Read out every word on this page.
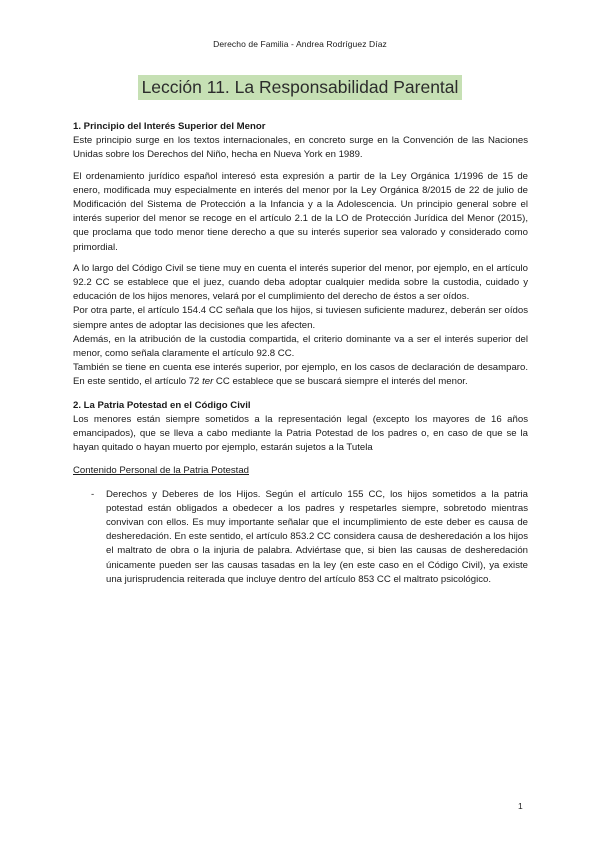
Derecho de Familia - Andrea Rodríguez Díaz
Lección 11. La Responsabilidad Parental

1. Principio del Interés Superior del Menor

Este principio surge en los textos internacionales, en concreto surge en la Convención de las Naciones Unidas sobre los Derechos del Niño, hecha en Nueva York en 1989.

El ordenamiento jurídico español interesó esta expresión a partir de la Ley Orgánica 1/1996 de 15 de enero, modificada muy especialmente en interés del menor por la Ley Orgánica 8/2015 de 22 de julio de Modificación del Sistema de Protección a la Infancia y a la Adolescencia. Un principio general sobre el interés superior del menor se recoge en el artículo 2.1 de la LO de Protección Jurídica del Menor (2015), que proclama que todo menor tiene derecho a que su interés superior sea valorado y considerado como primordial.

A lo largo del Código Civil se tiene muy en cuenta el interés superior del menor, por ejemplo, en el artículo 92.2 CC se establece que el juez, cuando deba adoptar cualquier medida sobre la custodia, cuidado y educación de los hijos menores, velará por el cumplimiento del derecho de éstos a ser oídos.

Por otra parte, el artículo 154.4 CC señala que los hijos, si tuviesen suficiente madurez, deberán ser oídos siempre antes de adoptar las decisiones que les afecten.

Además, en la atribución de la custodia compartida, el criterio dominante va a ser el interés superior del menor, como señala claramente el artículo 92.8 CC.

También se tiene en cuenta ese interés superior, por ejemplo, en los casos de declaración de desamparo. En este sentido, el artículo 72 ter CC establece que se buscará siempre el interés del menor.

2. La Patria Potestad en el Código Civil

Los menores están siempre sometidos a la representación legal (excepto los mayores de 16 años emancipados), que se lleva a cabo mediante la Patria Potestad de los padres o, en caso de que se la hayan quitado o hayan muerto por ejemplo, estarán sujetos a la Tutela

Contenido Personal de la Patria Potestad

- Derechos y Deberes de los Hijos. Según el artículo 155 CC, los hijos sometidos a la patria potestad están obligados a obedecer a los padres y respetarles siempre, sobretodo mientras convivan con ellos. Es muy importante señalar que el incumplimiento de este deber es causa de desheredación. En este sentido, el artículo 853.2 CC considera causa de desheredación a los hijos el maltrato de obra o la injuria de palabra. Adviértase que, si bien las causas de desheredación únicamente pueden ser las causas tasadas en la ley (en este caso en el Código Civil), ya existe una jurisprudencia reiterada que incluye dentro del artículo 853 CC el maltrato psicológico.
1
